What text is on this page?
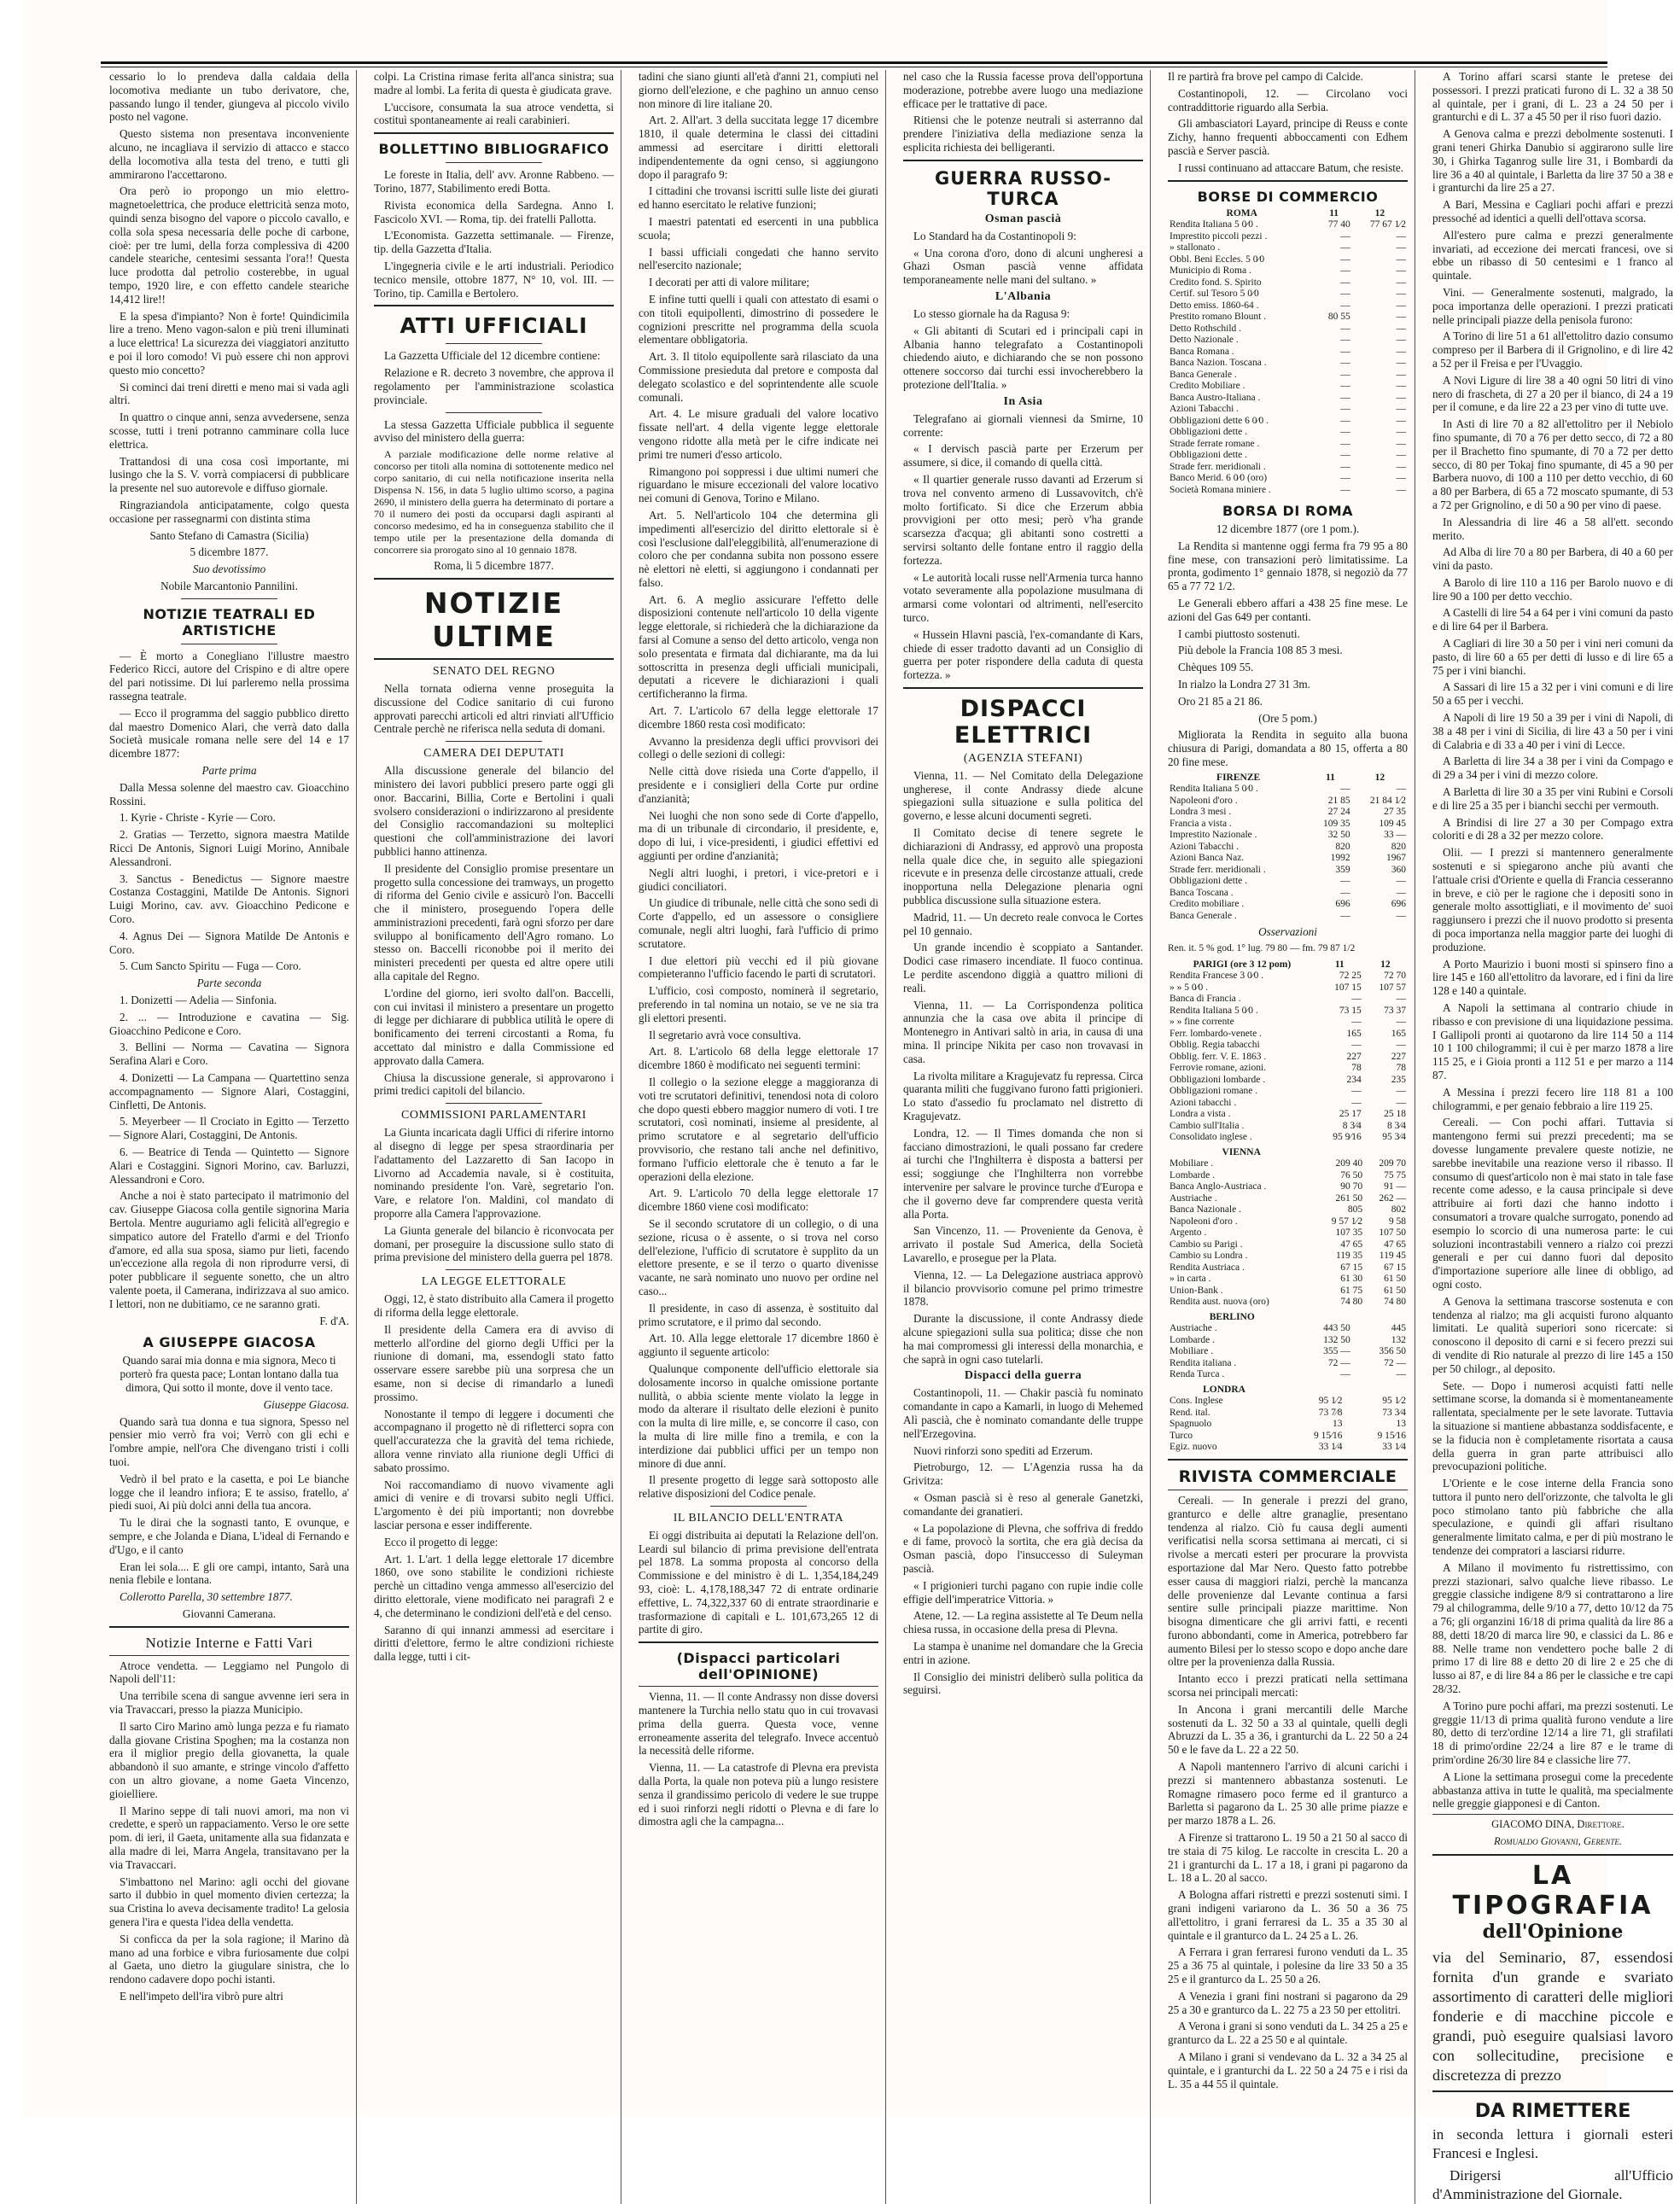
cessario lo lo prendeva dalla caldaia della locomotiva mediante un tubo derivatore, che, passando lungo il tender, giungeva al piccolo vivilo posto nel vagone.

Questo sistema non presentava inconveniente alcuno, ne incagliava il servizio di attacco e stacco della locomotiva alla testa del treno, e tutti gli ammirarono l'accettarono.

Ora però io propongo un mio elettro-magnetoelettrica, che produce elettricità senza moto, quindi senza bisogno del vapore o piccolo cavallo, e colla sola spesa necessaria delle poche di carbone, cioè: per tre lumi, della forza complessiva di 4200 candele steariche, centesimi sessanta l'ora!! Questa luce prodotta dal petrolio costerebbe, in ugual tempo, 1920 lire, e con effetto candele steariche 14,412 lire!!

E la spesa d'impianto? Non è forte! Quindicimila lire a treno. Meno vagon-salon e più treni illuminati a luce elettrica! La sicurezza dei viaggiatori anzitutto e poi il loro comodo! Vi può essere chi non approvi questo mio concetto?

Si cominci dai treni diretti e meno mai si vada agli altri.

In quattro o cinque anni, senza avvedersene, senza scosse, tutti i treni potranno camminare colla luce elettrica.

Trattandosi di una cosa così importante, mi lusingo che la S. V. vorrà compiacersi di pubblicare la presente nel suo autorevole e diffuso giornale.

Ringraziandola anticipatamente, colgo questa occasione per rassegnarmi con distinta stima

Santo Stefano di Camastra (Sicilia)

5 dicembre 1877.

Suo devotissimo

Nobile Marcantonio Pannilini.

NOTIZIE TEATRALI ED ARTISTICHE

— È morto a Conegliano l'illustre maestro Federico Ricci, autore del Crispino e di altre opere del pari notissime. Di lui parleremo nella prossima rassegna teatrale.

— Ecco il programma del saggio pubblico diretto dal maestro Domenico Alari, che verrà dato dalla Società musicale romana nelle sere del 14 e 17 dicembre 1877:

Parte prima

Dalla Messa solenne del maestro cav. Gioacchino Rossini.

1. Kyrie - Christe - Kyrie — Coro.

2. Gratias — Terzetto, signora maestra Matilde Ricci De Antonis, Signori Luigi Morino, Annibale Alessandroni.

3. Sanctus - Benedictus — Signore maestre Costanza Costaggini, Matilde De Antonis. Signori Luigi Morino, cav. avv. Gioacchino Pedicone e Coro.

4. Agnus Dei — Signora Matilde De Antonis e Coro.

5. Cum Sancto Spiritu — Fuga — Coro.

Parte seconda

1. Donizetti — Adelia — Sinfonia.

2. ... — Introduzione e cavatina — Sig. Gioacchino Pedicone e Coro.

3. Bellini — Norma — Cavatina — Signora Serafina Alari e Coro.

4. Donizetti — La Campana — Quartettino senza accompagnamento — Signore Alari, Costaggini, Cinfletti, De Antonis.

5. Meyerbeer — Il Crociato in Egitto — Terzetto — Signore Alari, Costaggini, De Antonis.

6. — Beatrice di Tenda — Quintetto — Signore Alari e Costaggini. Signori Morino, cav. Barluzzi, Alessandroni e Coro.

Anche a noi è stato partecipato il matrimonio del cav. Giuseppe Giacosa colla gentile signorina Maria Bertola. Mentre auguriamo agli felicità all'egregio e simpatico autore del Fratello d'armi e del Trionfo d'amore, ed alla sua sposa, siamo pur lieti, facendo un'eccezione alla regola di non riprodurre versi, di poter pubblicare il seguente sonetto, che un altro valente poeta, il Camerana, indirizzava al suo amico. I lettori, non ne dubitiamo, ce ne saranno grati.

F. d'A.

A GIUSEPPE GIACOSA

Quando sarai mia donna e mia signora, Meco ti porterò fra questa pace; Lontan lontano dalla tua dimora, Qui sotto il monte, dove il vento tace.

Giuseppe Giacosa.

Quando sarà tua donna e tua signora, Spesso nel pensier mio verrò fra voi; Verrò con gli echi e l'ombre ampie, nell'ora Che divengano tristi i colli tuoi.

Vedrò il bel prato e la casetta, e poi Le bianche logge che il leandro infiora; E te assiso, fratello, a' piedi suoi, Ai più dolci anni della tua ancora.

Tu le dirai che la sognasti tanto, E ovunque, e sempre, e che Jolanda e Diana, L'ideal di Fernando e d'Ugo, e il canto

Eran lei sola.... E gli ore campi, intanto, Sarà una nenia flebile e lontana.

Collerotto Parella, 30 settembre 1877.

Giovanni Camerana.

Notizie Interne e Fatti Vari

Atroce vendetta. — Leggiamo nel Pungolo di Napoli dell'11:

Una terribile scena di sangue avvenne ieri sera in via Travaccari, presso la piazza Municipio.

Il sarto Ciro Marino amò lunga pezza e fu riamato dalla giovane Cristina Spoghen; ma la costanza non era il miglior pregio della giovanetta, la quale abbandonò il suo amante, e stringe vincolo d'affetto con un altro giovane, a nome Gaeta Vincenzo, gioielliere.

Il Marino seppe di tali nuovi amori, ma non vi credette, e sperò un rappaciamento. Verso le ore sette pom. di ieri, il Gaeta, unitamente alla sua fidanzata e alla madre di lei, Marra Angela, transitavano per la via Travaccari.

S'imbattono nel Marino: agli occhi del giovane sarto il dubbio in quel momento divien certezza; la sua Cristina lo aveva decisamente tradito! La gelosia genera l'ira e questa l'idea della vendetta.

Si conficca da per la sola ragione; il Marino dà mano ad una forbice e vibra furiosamente due colpi al Gaeta, uno dietro la giugulare sinistra, che lo rendono cadavere dopo pochi istanti.

E nell'impeto dell'ira vibrò pure altri

colpi. La Cristina rimase ferita all'anca sinistra; sua madre al lombi. La ferita di questa è giudicata grave.

L'uccisore, consumata la sua atroce vendetta, si costituì spontaneamente ai reali carabinieri.

BOLLETTINO BIBLIOGRAFICO

Le foreste in Italia, dell' avv. Aronne Rabbeno. — Torino, 1877, Stabilimento eredi Botta.

Rivista economica della Sardegna. Anno I. Fascicolo XVI. — Roma, tip. dei fratelli Pallotta.

L'Economista. Gazzetta settimanale. — Firenze, tip. della Gazzetta d'Italia.

L'ingegneria civile e le arti industriali. Periodico tecnico mensile, ottobre 1877, N° 10, vol. III. — Torino, tip. Camilla e Bertolero.

ATTI UFFICIALI

La Gazzetta Ufficiale del 12 dicembre contiene:

Relazione e R. decreto 3 novembre, che approva il regolamento per l'amministrazione scolastica provinciale.

La stessa Gazzetta Ufficiale pubblica il seguente avviso del ministero della guerra:

A parziale modificazione delle norme relative al concorso per titoli alla nomina di sottotenente medico nel corpo sanitario, di cui nella notificazione inserita nella Dispensa N. 156, in data 5 luglio ultimo scorso, a pagina 2690, il ministero della guerra ha determinato di portare a 70 il numero dei posti da occuparsi dagli aspiranti al concorso medesimo, ed ha in conseguenza stabilito che il tempo utile per la presentazione della domanda di concorrere sia prorogato sino al 10 gennaio 1878.

Roma, li 5 dicembre 1877.

NOTIZIE ULTIME
SENATO DEL REGNO

Nella tornata odierna venne proseguita la discussione del Codice sanitario di cui furono approvati parecchi articoli ed altri rinviati all'Ufficio Centrale perchè ne riferisca nella seduta di domani.

CAMERA DEI DEPUTATI

Alla discussione generale del bilancio del ministero dei lavori pubblici presero parte oggi gli onor. Baccarini, Billia, Corte e Bertolini i quali svolsero considerazioni o indirizzarono al presidente del Consiglio raccomandazioni su molteplici questioni che coll'amministrazione dei lavori pubblici hanno attinenza.

Il presidente del Consiglio promise presentare un progetto sulla concessione dei tramways, un progetto di riforma del Genio civile e assicurò l'on. Baccelli che il ministero, proseguendo l'opera delle amministrazioni precedenti, farà ogni sforzo per dare sviluppo al bonificamento dell'Agro romano. Lo stesso on. Baccelli riconobbe poi il merito dei ministeri precedenti per questa ed altre opere utili alla capitale del Regno.

L'ordine del giorno, ieri svolto dall'on. Baccelli, con cui invitasi il ministero a presentare un progetto di legge per dichiarare di pubblica utilità le opere di bonificamento dei terreni circostanti a Roma, fu accettato dal ministro e dalla Commissione ed approvato dalla Camera.

Chiusa la discussione generale, si approvarono i primi tredici capitoli del bilancio.

COMMISSIONI PARLAMENTARI

La Giunta incaricata dagli Uffici di riferire intorno al disegno di legge per spesa straordinaria per l'adattamento del Lazzaretto di San Iacopo in Livorno ad Accademia navale, si è costituita, nominando presidente l'on. Varè, segretario l'on. Vare, e relatore l'on. Maldini, col mandato di proporre alla Camera l'approvazione.

La Giunta generale del bilancio è riconvocata per domani, per proseguire la discussione sullo stato di prima previsione del ministero della guerra pel 1878.

LA LEGGE ELETTORALE

Oggi, 12, è stato distribuito alla Camera il progetto di riforma della legge elettorale.

Il presidente della Camera era di avviso di metterlo all'ordine del giorno degli Uffici per la riunione di domani, ma, essendogli stato fatto osservare essere sarebbe più una sorpresa che un esame, non si decise di rimandarlo a lunedì prossimo.

Nonostante il tempo di leggere i documenti che accompagnano il progetto nè di rifletterci sopra con quell'accuratezza che la gravità del tema richiede, allora venne rinviato alla riunione degli Uffici di sabato prossimo.

Noi raccomandiamo di nuovo vivamente agli amici di venire e di trovarsi subito negli Uffici. L'argomento è dei più importanti; non dovrebbe lasciar persona e esser indifferente.

Ecco il progetto di legge:

Art. 1. L'art. 1 della legge elettorale 17 dicembre 1860, ove sono stabilite le condizioni richieste perchè un cittadino venga ammesso all'esercizio del diritto elettorale, viene modificato nei paragrafi 2 e 4, che determinano le condizioni dell'età e del censo.

Saranno di qui innanzi ammessi ad esercitare i diritti d'elettore, fermo le altre condizioni richieste dalla legge, tutti i cit-

tadini che siano giunti all'età d'anni 21, compiuti nel giorno dell'elezione, e che paghino un annuo censo non minore di lire italiane 20.

Art. 2. All'art. 3 della succitata legge 17 dicembre 1810, il quale determina le classi dei cittadini ammessi ad esercitare i diritti elettorali indipendentemente da ogni censo, si aggiungono dopo il paragrafo 9:

I cittadini che trovansi iscritti sulle liste dei giurati ed hanno esercitato le relative funzioni;

I maestri patentati ed esercenti in una pubblica scuola;

I bassi ufficiali congedati che hanno servito nell'esercito nazionale;

I decorati per atti di valore militare;

E infine tutti quelli i quali con attestato di esami o con titoli equipollenti, dimostrino di possedere le cognizioni prescritte nel programma della scuola elementare obbligatoria.

Art. 3. Il titolo equipollente sarà rilasciato da una Commissione presieduta dal pretore e composta dal delegato scolastico e del soprintendente alle scuole comunali.

Art. 4. Le misure graduali del valore locativo fissate nell'art. 4 della vigente legge elettorale vengono ridotte alla metà per le cifre indicate nei primi tre numeri d'esso articolo.

Rimangono poi soppressi i due ultimi numeri che riguardano le misure eccezionali del valore locativo nei comuni di Genova, Torino e Milano.

Art. 5. Nell'articolo 104 che determina gli impedimenti all'esercizio del diritto elettorale si è così l'esclusione dall'eleggibilità, all'enumerazione di coloro che per condanna subita non possono essere nè elettori nè eletti, si aggiungono i condannati per falso.

Art. 6. A meglio assicurare l'effetto delle disposizioni contenute nell'articolo 10 della vigente legge elettorale, si richiederà che la dichiarazione da farsi al Comune a senso del detto articolo, venga non solo presentata e firmata dal dichiarante, ma da lui sottoscritta in presenza degli ufficiali municipali, deputati a ricevere le dichiarazioni i quali certificheranno la firma.

Art. 7. L'articolo 67 della legge elettorale 17 dicembre 1860 resta così modificato:

Avvanno la presidenza degli uffici provvisori dei collegi o delle sezioni di collegi:

Nelle città dove risieda una Corte d'appello, il presidente e i consiglieri della Corte pur ordine d'anzianità;

Nei luoghi che non sono sede di Corte d'appello, ma di un tribunale di circondario, il presidente, e, dopo di lui, i vice-presidenti, i giudici effettivi ed aggiunti per ordine d'anzianità;

Negli altri luoghi, i pretori, i vice-pretori e i giudici conciliatori.

Un giudice di tribunale, nelle città che sono sedi di Corte d'appello, ed un assessore o consigliere comunale, negli altri luoghi, farà l'ufficio di primo scrutatore.

I due elettori più vecchi ed il più giovane compieteranno l'ufficio facendo le parti di scrutatori.

L'ufficio, così composto, nominerà il segretario, preferendo in tal nomina un notaio, se ve ne sia tra gli elettori presenti.

Il segretario avrà voce consultiva.

Art. 8. L'articolo 68 della legge elettorale 17 dicembre 1860 è modificato nei seguenti termini:

Il collegio o la sezione elegge a maggioranza di voti tre scrutatori definitivi, tenendosi nota di coloro che dopo questi ebbero maggior numero di voti. I tre scrutatori, così nominati, insieme al presidente, al primo scrutatore e al segretario dell'ufficio provvisorio, che restano tali anche nel definitivo, formano l'ufficio elettorale che è tenuto a far le operazioni della elezione.

Art. 9. L'articolo 70 della legge elettorale 17 dicembre 1860 viene così modificato:

Se il secondo scrutatore di un collegio, o di una sezione, ricusa o è assente, o si trova nel corso dell'elezione, l'ufficio di scrutatore è supplito da un elettore presente, e se il terzo o quarto divenisse vacante, ne sarà nominato uno nuovo per ordine nel caso...

Il presidente, in caso di assenza, è sostituito dal primo scrutatore, e il primo dal secondo.

Art. 10. Alla legge elettorale 17 dicembre 1860 è aggiunto il seguente articolo:

Qualunque componente dell'ufficio elettorale sia dolosamente incorso in qualche omissione portante nullità, o abbia sciente mente violato la legge in modo da alterare il risultato delle elezioni è punito con la multa di lire mille, e, se concorre il caso, con la multa di lire mille fino a tremila, e con la interdizione dai pubblici uffici per un tempo non minore di due anni.

Il presente progetto di legge sarà sottoposto alle relative disposizioni del Codice penale.

IL BILANCIO DELL'ENTRATA

Ei oggi distribuita ai deputati la Relazione dell'on. Leardi sul bilancio di prima previsione dell'entrata pel 1878. La somma proposta al concorso della Commissione e del ministro è di L. 1,354,184,249 93, cioè: L. 4,178,188,347 72 di entrate ordinarie effettive, L. 74,322,337 60 di entrate straordinarie e trasformazione di capitali e L. 101,673,265 12 di partite di giro.

(Dispacci particolari dell'OPINIONE)

Vienna, 11. — Il conte Andrassy non disse doversi mantenere la Turchia nello statu quo in cui trovavasi prima della guerra. Questa voce, venne erroneamente asserita del telegrafo. Invece accentuò la necessità delle riforme.

Vienna, 11. — La catastrofe di Plevna era prevista dalla Porta, la quale non poteva più a lungo resistere senza il grandissimo pericolo di vedere le sue truppe ed i suoi rinforzi negli ridotti o Plevna e di fare lo dimostra agli che la campagna...

nel caso che la Russia facesse prova dell'opportuna moderazione, potrebbe avere luogo una mediazione efficace per le trattative di pace.

Ritiensi che le potenze neutrali si asterranno dal prendere l'iniziativa della mediazione senza la esplicita richiesta dei belligeranti.

GUERRA RUSSO-TURCA
Osman pascià

Lo Standard ha da Costantinopoli 9:

« Una corona d'oro, dono di alcuni ungheresi a Ghazi Osman pascià venne affidata temporaneamente nelle mani del sultano. »

L'Albania

Lo stesso giornale ha da Ragusa 9:

« Gli abitanti di Scutari ed i principali capi in Albania hanno telegrafato a Costantinopoli chiedendo aiuto, e dichiarando che se non possono ottenere soccorso dai turchi essi invocherebbero la protezione dell'Italia. »

In Asia

Telegrafano ai giornali viennesi da Smirne, 10 corrente:

« I dervisch pascià parte per Erzerum per assumere, si dice, il comando di quella città.

« Il quartier generale russo davanti ad Erzerum si trova nel convento armeno di Lussavovitch, ch'è molto fortificato. Si dice che Erzerum abbia provvigioni per otto mesi; però v'ha grande scarsezza d'acqua; gli abitanti sono costretti a servirsi soltanto delle fontane entro il raggio della fortezza.

« Le autorità locali russe nell'Armenia turca hanno votato severamente alla popolazione musulmana di armarsi come volontari od altrimenti, nell'esercito turco.

« Hussein Hlavni pascià, l'ex-comandante di Kars, chiede di esser tradotto davanti ad un Consiglio di guerra per poter rispondere della caduta di questa fortezza. »

DISPACCI ELETTRICI
(AGENZIA STEFANI)

Vienna, 11. — Nel Comitato della Delegazione ungherese, il conte Andrassy diede alcune spiegazioni sulla situazione e sulla politica del governo, e lesse alcuni documenti segreti.

Il Comitato decise di tenere segrete le dichiarazioni di Andrassy, ed approvò una proposta nella quale dice che, in seguito alle spiegazioni ricevute e in presenza delle circostanze attuali, crede inopportuna nella Delegazione plenaria ogni pubblica discussione sulla situazione estera.

Madrid, 11. — Un decreto reale convoca le Cortes pel 10 gennaio.

Un grande incendio è scoppiato a Santander. Dodici case rimasero incendiate. Il fuoco continua. Le perdite ascendono diggià a quattro milioni di reali.

Vienna, 11. — La Corrispondenza politica annunzia che la casa ove abita il principe di Montenegro in Antivari saltò in aria, in causa di una mina. Il principe Nikita per caso non trovavasi in casa.

La rivolta militare a Kragujevatz fu repressa. Circa quaranta militi che fuggivano furono fatti prigionieri. Lo stato d'assedio fu proclamato nel distretto di Kragujevatz.

Londra, 12. — Il Times domanda che non si facciano dimostrazioni, le quali possano far credere ai turchi che l'Inghilterra è disposta a battersi per essi; soggiunge che l'Inghilterra non vorrebbe intervenire per salvare le province turche d'Europa e che il governo deve far comprendere questa verità alla Porta.

San Vincenzo, 11. — Proveniente da Genova, è arrivato il postale Sud America, della Società Lavarello, e prosegue per la Plata.

Vienna, 12. — La Delegazione austriaca approvò il bilancio provvisorio comune pel primo trimestre 1878.

Durante la discussione, il conte Andrassy diede alcune spiegazioni sulla sua politica; disse che non ha mai compromessi gli interessi della monarchia, e che saprà in ogni caso tutelarli.

Dispacci della guerra

Costantinopoli, 11. — Chakir pascià fu nominato comandante in capo a Kamarli, in luogo di Mehemed Alì pascià, che è nominato comandante delle truppe nell'Erzegovina.

Nuovi rinforzi sono spediti ad Erzerum.

Pietroburgo, 12. — L'Agenzia russa ha da Grivitza:

« Osman pascià si è reso al generale Ganetzki, comandante dei granatieri.

« La popolazione di Plevna, che soffriva di freddo e di fame, provocò la sortita, che era già decisa da Osman pascià, dopo l'insuccesso di Suleyman pascià.

« I prigionieri turchi pagano con rupie indie colle effigie dell'imperatrice Vittoria. »

Atene, 12. — La regina assistette al Te Deum nella chiesa russa, in occasione della presa di Plevna.

La stampa è unanime nel domandare che la Grecia entri in azione.

Il Consiglio dei ministri deliberò sulla politica da seguirsi.

Il re partirà fra brove pel campo di Calcide.

Costantinopoli, 12. — Circolano voci contraddittorie riguardo alla Serbia.

Gli ambasciatori Layard, principe di Reuss e conte Zichy, hanno frequenti abboccamenti con Edhem pascià e Server pascià.

I russi continuano ad attaccare Batum, che resiste.

BORSE DI COMMERCIO
ROMA	11	12
Rendita Italiana 5 0⁄0 .	77 40	77 67 1⁄2
Imprestito piccoli pezzi .	—	—
» stallonato .	—	—
Obbl. Beni Eccles. 5 0⁄0	—	—
Municipio di Roma .	—	—
Credito fond. S. Spirito	—	—
Certif. sul Tesoro 5 0⁄0	—	—
Detto emiss. 1860-64 .	—	—
Prestito romano Blount .	80 55	—
Detto Rothschild .	—	—
Detto Nazionale .	—	—
Banca Romana .	—	—
Banca Nazion. Toscana .	—	—
Banca Generale .	—	—
Credito Mobiliare .	—	—
Banca Austro-Italiana .	—	—
Azioni Tabacchi .	—	—
Obbligazioni dette 6 0⁄0 .	—	—
Obbligazioni dette .	—	—
Strade ferrate romane .	—	—
Obbligazioni dette .	—	—
Strade ferr. meridionali .	—	—
Banco Merid. 6 0⁄0 (oro)	—	—
Società Romana miniere .	—	—
BORSA DI ROMA

12 dicembre 1877 (ore 1 pom.).

La Rendita si mantenne oggi ferma fra 79 95 a 80 fine mese, con transazioni però limitatissime. La pronta, godimento 1° gennaio 1878, si negoziò da 77 65 a 77 72 1/2.

Le Generali ebbero affari a 438 25 fine mese. Le azioni del Gas 649 per contanti.

I cambi piuttosto sostenuti.

Più debole la Francia 108 85 3 mesi.

Chèques 109 55.

In rialzo la Londra 27 31 3m.

Oro 21 85 a 21 86.

(Ore 5 pom.)

Migliorata la Rendita in seguito alla buona chiusura di Parigi, domandata a 80 15, offerta a 80 20 fine mese.

FIRENZE	11	12
Rendita Italiana 5 0⁄0 .	—	—
Napoleoni d'oro .	21 85	21 84 1⁄2
Londra 3 mesi .	27 24	27 35
Francia a vista .	109 35	109 45
Imprestito Nazionale .	32 50	33 —
Azioni Tabacchi .	820	820
Azioni Banca Naz.	1992	1967
Strade ferr. meridionali .	359	360
Obbligazioni dette .	—	—
Banca Toscana .	—	—
Credito mobiliare .	696	696
Banca Generale .	—	—

Osservazioni

Ren. it. 5 % god. 1° lug. 79 80 — fm. 79 87 1/2

PARIGI (ore 3 12 pom)	11	12
Rendita Francese 3 0⁄0 .	72 25	72 70
» » 5 0⁄0 .	107 15	107 57
Banca di Francia .	—	—
Rendita Italiana 5 0⁄0 .	73 15	73 37
» » fine corrente	—	—
Ferr. lombardo-venete .	165	165
Obblig. Regia tabacchi	—	—
Obblig. ferr. V. E. 1863 .	227	227
Ferrovie romane, azioni.	78	78
Obbligazioni lombarde .	234	235
Obbligazioni romane .	—	—
Azioni tabacchi .	—	—
Londra a vista .	25 17	25 18
Cambio sull'Italia .	8 3⁄4	8 3⁄4
Consolidato inglese .	95 9⁄16	95 3⁄4
VIENNA		
Mobiliare .	209 40	209 70
Lombarde .	76 50	75 75
Banca Anglo-Austriaca .	90 70	91 —
Austriache .	261 50	262 —
Banca Nazionale .	805	802
Napoleoni d'oro .	9 57 1⁄2	9 58
Argento .	107 35	107 50
Cambio su Parigi .	47 65	47 65
Cambio su Londra .	119 35	119 45
Rendita Austriaca .	67 15	67 15
» in carta .	61 30	61 50
Union-Bank .	61 75	61 50
Rendita aust. nuova (oro)	74 80	74 80
BERLINO		
Austriache .	443 50	445
Lombarde .	132 50	132
Mobiliare .	355 —	356 50
Rendita italiana .	72 —	72 —
Renda Turca .	—	—
LONDRA		
Cons. Inglese	95 1⁄2	95 1⁄2
Rend. ital.	73 7⁄8	73 3⁄4
Spagnuolo	13	13
Turco	9 15⁄16	9 15⁄16
Egiz. nuovo	33 1⁄4	33 1⁄4
RIVISTA COMMERCIALE

Cereali. — In generale i prezzi del grano, granturco e delle altre granaglie, presentano tendenza al rialzo. Ciò fu causa degli aumenti verificatisi nella scorsa settimana ai mercati, ci si rivolse a mercati esteri per procurare la provvista esportazione dal Mar Nero. Questo fatto potrebbe esser causa di maggiori rialzi, perchè la mancanza delle provenienze dal Levante continua a farsi sentire sulle principali piazze marittime. Non bisogna dimenticare che gli arrivi fatti, e recenti furono abbondanti, come in America, potrebbero far aumento Bilesi per lo stesso scopo e dopo anche dare oltre per la provenienza dalla Russia.

Intanto ecco i prezzi praticati nella settimana scorsa nei principali mercati:

In Ancona i grani mercantili delle Marche sostenuti da L. 32 50 a 33 al quintale, quelli degli Abruzzi da L. 35 a 36, i granturchi da L. 22 50 a 24 50 e le fave da L. 22 a 22 50.

A Napoli mantennero l'arrivo di alcuni carichi i prezzi si mantennero abbastanza sostenuti. Le Romagne rimasero poco ferme ed il granturco a Barletta si pagarono da L. 25 30 alle prime piazze e per marzo 1878 a L. 26.

A Firenze si trattarono L. 19 50 a 21 50 al sacco di tre staia di 75 kilog. Le raccolte in crescita L. 20 a 21 i granturchi da L. 17 a 18, i grani pi pagarono da L. 18 a L. 20 al sacco.

A Bologna affari ristretti e prezzi sostenuti simi. I grani indigeni variarono da L. 36 50 a 36 75 all'ettolitro, i grani ferraresi da L. 35 a 35 30 al quintale e il granturco da L. 24 25 a L. 26.

A Ferrara i gran ferraresi furono venduti da L. 35 25 a 36 75 al quintale, i polesine da lire 33 50 a 35 25 e il granturco da L. 25 50 a 26.

A Venezia i grani fini nostrani si pagarono da 29 25 a 30 e granturco da L. 22 75 a 23 50 per ettolitri.

A Verona i grani si sono venduti da L. 34 25 a 25 e granturco da L. 22 a 25 50 e al quintale.

A Milano i grani si vendevano da L. 32 a 34 25 al quintale, e i granturchi da L. 22 50 a 24 75 e i risi da L. 35 a 44 55 il quintale.

A Torino affari scarsi stante le pretese dei possessori. I prezzi praticati furono di L. 32 a 38 50 al quintale, per i grani, di L. 23 a 24 50 per i granturchi e di L. 37 a 45 50 per il riso fuori dazio.

A Genova calma e prezzi debolmente sostenuti. I grani teneri Ghirka Danubio si aggirarono sulle lire 30, i Ghirka Taganrog sulle lire 31, i Bombardi da lire 36 a 40 al quintale, i Barletta da lire 37 50 a 38 e i granturchi da lire 25 a 27.

A Bari, Messina e Cagliari pochi affari e prezzi pressoché ad identici a quelli dell'ottava scorsa.

All'estero pure calma e prezzi generalmente invariati, ad eccezione dei mercati francesi, ove si ebbe un ribasso di 50 centesimi e 1 franco al quintale.

Vini. — Generalmente sostenuti, malgrado, la poca importanza delle operazioni. I prezzi praticati nelle principali piazze della penisola furono:

A Torino di lire 51 a 61 all'ettolitro dazio consumo compreso per il Barbera di il Grignolino, e di lire 42 a 52 per il Freisa e per l'Uvaggio.

A Novi Ligure di lire 38 a 40 ogni 50 litri di vino nero di frascheta, di 27 a 20 per il bianco, di 24 a 19 per il comune, e da lire 22 a 23 per vino di tutte uve.

In Asti di lire 70 a 82 all'ettolitro per il Nebiolo fino spumante, di 70 a 76 per detto secco, di 72 a 80 per il Brachetto fino spumante, di 70 a 72 per detto secco, di 80 per Tokaj fino spumante, di 45 a 90 per Barbera nuovo, di 100 a 110 per detto vecchio, di 60 a 80 per Barbera, di 65 a 72 moscato spumante, di 53 a 72 per Grignolino, e di 50 a 90 per vino di paese.

In Alessandria di lire 46 a 58 all'ett. secondo merito.

Ad Alba di lire 70 a 80 per Barbera, di 40 a 60 per vini da pasto.

A Barolo di lire 110 a 116 per Barolo nuovo e di lire 90 a 100 per detto vecchio.

A Castelli di lire 54 a 64 per i vini comuni da pasto e di lire 64 per il Barbera.

A Cagliari di lire 30 a 50 per i vini neri comuni da pasto, di lire 60 a 65 per detti di lusso e di lire 65 a 75 per i vini bianchi.

A Sassari di lire 15 a 32 per i vini comuni e di lire 50 a 65 per i vecchi.

A Napoli di lire 19 50 a 39 per i vini di Napoli, di 38 a 48 per i vini di Sicilia, di lire 43 a 50 per i vini di Calabria e di 33 a 40 per i vini di Lecce.

A Barletta di lire 34 a 38 per i vini da Compago e di 29 a 34 per i vini di mezzo colore.

A Barletta di lire 30 a 35 per vini Rubini e Corsoli e di lire 25 a 35 per i bianchi secchi per vermouth.

A Brindisi di lire 27 a 30 per Compago extra coloriti e di 28 a 32 per mezzo colore.

Olii. — I prezzi si mantennero generalmente sostenuti e si spiegarono anche più avanti che l'attuale crisi d'Oriente e quella di Francia cesseranno in breve, e ciò per le ragione che i depositi sono in generale molto assottigliati, e il movimento de' suoi raggiunsero i prezzi che il nuovo prodotto si presenta di poca importanza nella maggior parte dei luoghi di produzione.

A Porto Maurizio i buoni mosti si spinsero fino a lire 145 e 160 all'ettolitro da lavorare, ed i fini da lire 128 e 140 a quintale.

A Napoli la settimana al contrario chiude in ribasso e con previsione di una liquidazione pessima. I Gallipoli pronti ai quotarono da lire 114 50 a 114 10 1 100 chilogrammi; il cui è per marzo 1878 a lire 115 25, e i Gioia pronti a 112 51 e per marzo a 114 87.

A Messina i prezzi fecero lire 118 81 a 100 chilogrammi, e per genaio febbraio a lire 119 25.

Cereali. — Con pochi affari. Tuttavia si mantengono fermi sui prezzi precedenti; ma se dovesse lungamente prevalere queste notizie, ne sarebbe inevitabile una reazione verso il ribasso. Il consumo di quest'articolo non è mai stato in tale fase recente come adesso, e la causa principale si deve attribuire ai forti dazi che hanno indotto i consumatori a trovare qualche surrogato, ponendo ad esempio lo scorcio di una numerosa parte: le cui soluzioni incontrastabili vennero a rialzo coi prezzi generali e per cui danno fuori dal deposito d'importazione superiore alle linee di obbligo, ad ogni costo.

A Genova la settimana trascorse sostenuta e con tendenza al rialzo; ma gli acquisti furono alquanto limitati. Le qualità superiori sono ricercate: si conoscono il deposito di carni e si fecero prezzi sui di vendite di Rio naturale al prezzo di lire 145 a 150 per 50 chilogr., al deposito.

Sete. — Dopo i numerosi acquisti fatti nelle settimane scorse, la domanda si è momentaneamente rallentata, specialmente per le sete lavorate. Tuttavia la situazione si mantiene abbastanza soddisfacente, e se la fiducia non è completamente risortata a causa della guerra in gran parte attribuisci allo prevocupazioni politiche.

L'Oriente e le cose interne della Francia sono tuttora il punto nero dell'orizzonte, che talvolta le gli poco stimolano tanto più fabbriche che alla speculazione, e quindi gli affari risultano generalmente limitato calma, e per di più mostrano le tendenze dei compratori a lasciarsi ridurre.

A Milano il movimento fu ristrettissimo, con prezzi stazionari, salvo qualche lieve ribasso. Le greggie classiche indigene 8/9 si contrattarono a lire 79 al chilogramma, delle 9/10 a 77, detto 10/12 da 75 a 76; gli organzini 16/18 di prima qualità da lire 86 a 88, detti 18/20 di marca lire 90, e classici da L. 86 e 88. Nelle trame non vendettero poche balle 2 di primo 17 di lire 88 e detto 20 di lire 2 e 25 che di lusso ai 87, e di lire 84 a 86 per le classiche e tre capi 28/32.

A Torino pure pochi affari, ma prezzi sostenuti. Le greggie 11/13 di prima qualità furono vendute a lire 80, detto di terz'ordine 12/14 a lire 71, gli strafilati 18 di primo'ordine 22/24 a lire 87 e le trame di prim'ordine 26/30 lire 84 e classiche lire 77.

A Lione la settimana prosegui come la precedente abbastanza attiva in tutte le qualità, ma specialmente nelle greggie giapponesi e di Canton.

GIACOMO DINA, Direttore.

Romualdo Giovanni, Gerente.

LA TIPOGRAFIA
dell'Opinione
via del Seminario, 87, essendosi fornita d'un grande e svariato assortimento di caratteri delle migliori fonderie e di macchine piccole e grandi, può eseguire qualsiasi lavoro con sollecitudine, precisione e discretezza di prezzo
DA RIMETTERE
in seconda lettura i giornali esteri Francesi e Inglesi.
Dirigersi all'Ufficio d'Amministrazione del Giornale.
